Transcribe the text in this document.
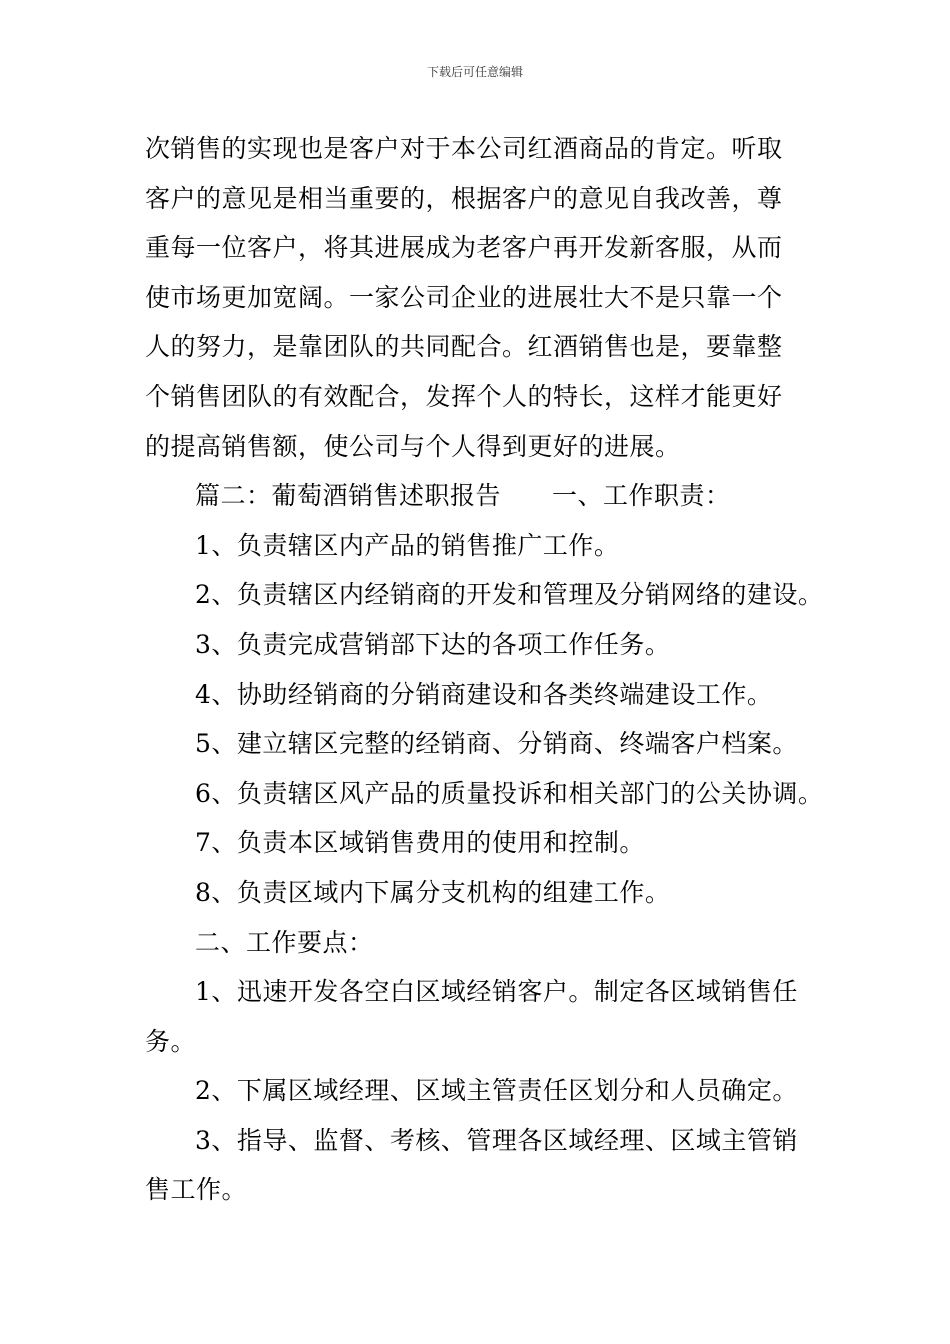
下载后可任意编辑
次销售的实现也是客户对于本公司红酒商品的肯定。听取
客户的意见是相当重要的，根据客户的意见自我改善，尊
重每一位客户，将其进展成为老客户再开发新客服，从而
使市场更加宽阔。一家公司企业的进展壮大不是只靠一个
人的努力，是靠团队的共同配合。红酒销售也是，要靠整
个销售团队的有效配合，发挥个人的特长，这样才能更好
的提高销售额，使公司与个人得到更好的进展。
篇二：葡萄酒销售述职报告　　一、工作职责：
1、负责辖区内产品的销售推广工作。
2、负责辖区内经销商的开发和管理及分销网络的建设。
3、负责完成营销部下达的各项工作任务。
4、协助经销商的分销商建设和各类终端建设工作。
5、建立辖区完整的经销商、分销商、终端客户档案。
6、负责辖区风产品的质量投诉和相关部门的公关协调。
7、负责本区域销售费用的使用和控制。
8、负责区域内下属分支机构的组建工作。
二、工作要点：
1、迅速开发各空白区域经销客户。制定各区域销售任
务。
2、下属区域经理、区域主管责任区划分和人员确定。
3、指导、监督、考核、管理各区域经理、区域主管销
售工作。
